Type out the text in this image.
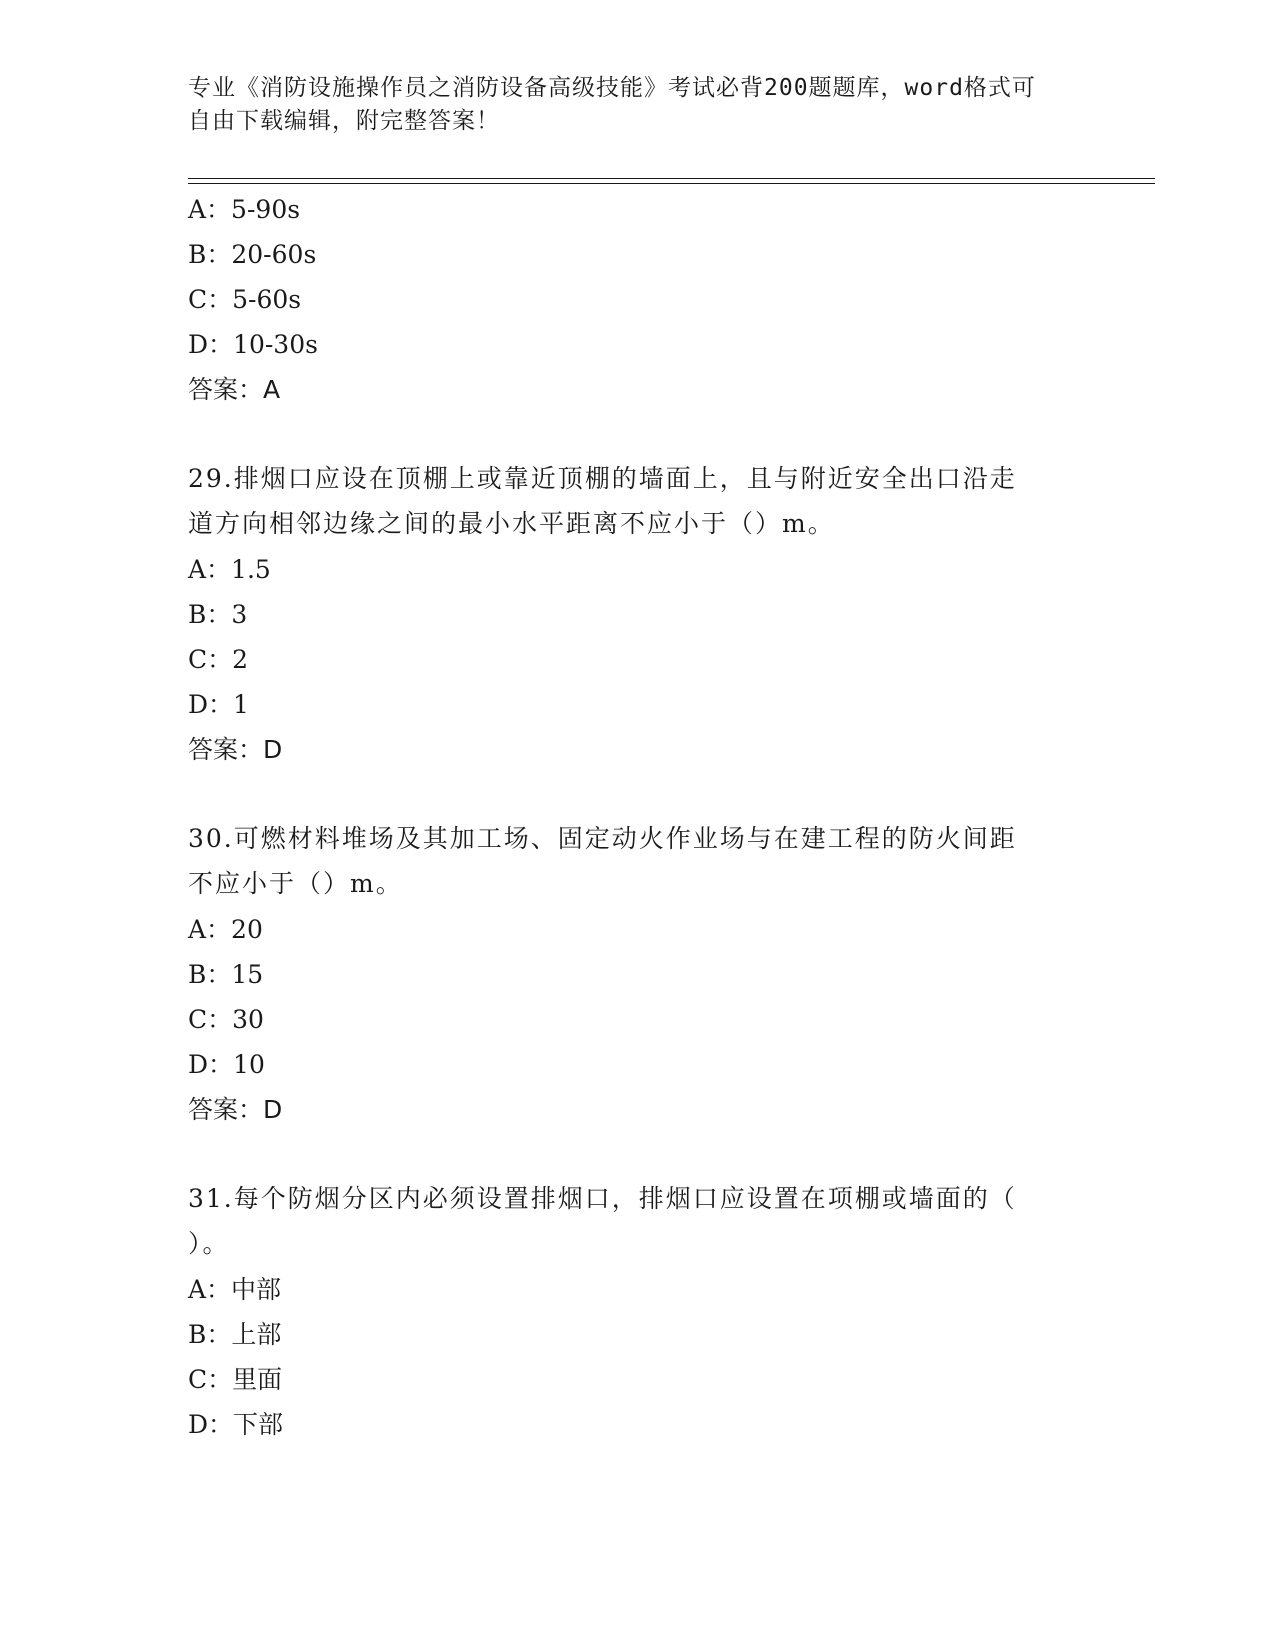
专业《消防设施操作员之消防设备高级技能》考试必背200题题库，word格式可
自由下载编辑，附完整答案！
A：5-90s
B：20-60s
C：5-60s
D：10-30s
答案：A
29.排烟口应设在顶棚上或靠近顶棚的墙面上，且与附近安全出口沿走
道方向相邻边缘之间的最小水平距离不应小于（）m。
A：1.5
B：3
C：2
D：1
答案：D
30.可燃材料堆场及其加工场、固定动火作业场与在建工程的防火间距
不应小于（）m。
A：20
B：15
C：30
D：10
答案：D
31.每个防烟分区内必须设置排烟口，排烟口应设置在项棚或墙面的（
）。
A：中部
B：上部
C：里面
D：下部
